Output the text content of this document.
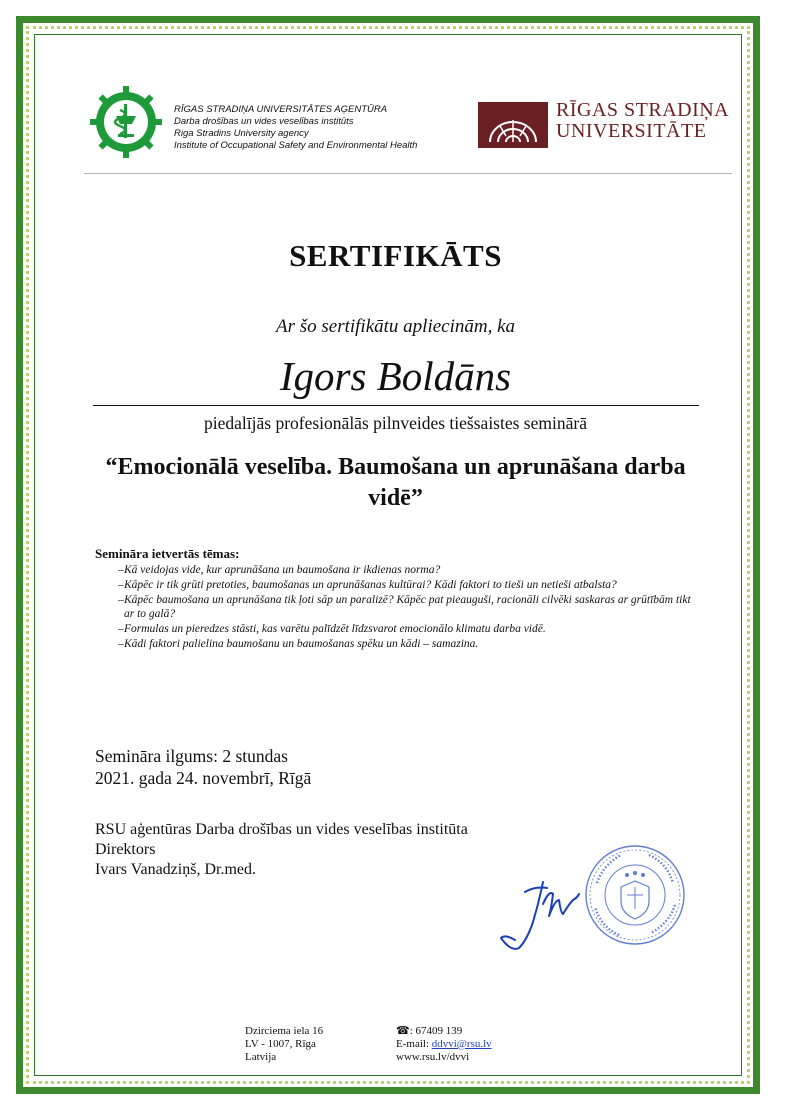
RĪGAS STRADIŅA UNIVERSITĀTES AĢENTŪRA
Darba drošības un vides veselības institūts
Riga Stradins University agency
Institute of Occupational Safety and Environmental Health
RĪGAS STRADIŅA
UNIVERSITĀTE
SERTIFIKĀTS
Ar šo sertifikātu apliecinām, ka
Igors Boldāns
piedalījās profesionālās pilnveides tiešsaistes seminārā
“Emocionālā veselība. Baumošana un aprunāšana darba vidē”
Semināra ietvertās tēmas:
– Kā veidojas vide, kur aprunāšana un baumošana ir ikdienas norma?
– Kāpēc ir tik grūti pretoties, baumošanas un aprunāšanas kultūrai? Kādi faktori to tieši un netieši atbalsta?
– Kāpēc baumošana un aprunāšana tik ļoti sāp un paralizē? Kāpēc pat pieauguši, racionāli cilvēki saskaras ar grūtībām tikt ar to galā?
– Formulas un pieredzes stāsti, kas varētu palīdzēt līdzsvarot emocionālo klimatu darba vidē.
– Kādi faktori palielina baumošanu un baumošanas spēku un kādi – samazina.
Semināra ilgums: 2 stundas
2021. gada 24. novembrī, Rīgā
RSU aģentūras Darba drošības un vides veselības institūta
Direktors
Ivars Vanadziņš, Dr.med.
Dzirciema iela 16
LV - 1007, Rīga
Latvija
☎: 67409 139
E-mail: ddvvi@rsu.lv
www.rsu.lv/dvvi
